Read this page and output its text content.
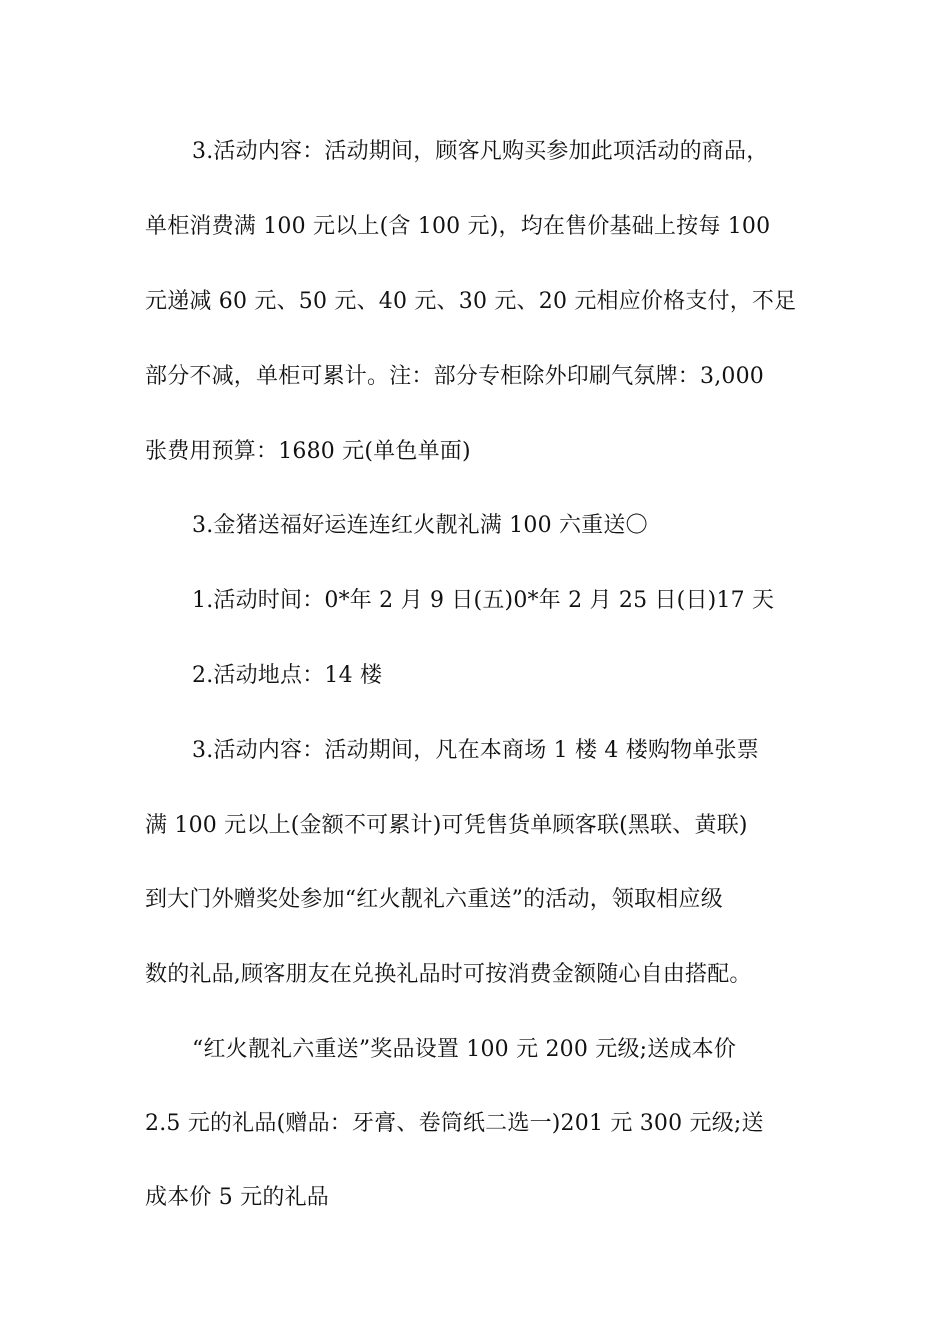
3.活动内容：活动期间，顾客凡购买参加此项活动的商品，
单柜消费满 100 元以上(含 100 元)，均在售价基础上按每 100
元递减 60 元、50 元、40 元、30 元、20 元相应价格支付，不足
部分不减，单柜可累计。注：部分专柜除外印刷气氛牌：3,000
张费用预算：1680 元(单色单面)
3.金猪送福好运连连红火靓礼满 100 六重送〇
1.活动时间：0*年 2 月 9 日(五)0*年 2 月 25 日(日)17 天
2.活动地点：14 楼
3.活动内容：活动期间，凡在本商场 1 楼 4 楼购物单张票
满 100 元以上(金额不可累计)可凭售货单顾客联(黑联、黄联)
到大门外赠奖处参加“红火靓礼六重送”的活动，领取相应级
数的礼品,顾客朋友在兑换礼品时可按消费金额随心自由搭配。
“红火靓礼六重送”奖品设置 100 元 200 元级;送成本价
2.5 元的礼品(赠品：牙膏、卷筒纸二选一)201 元 300 元级;送
成本价 5 元的礼品
